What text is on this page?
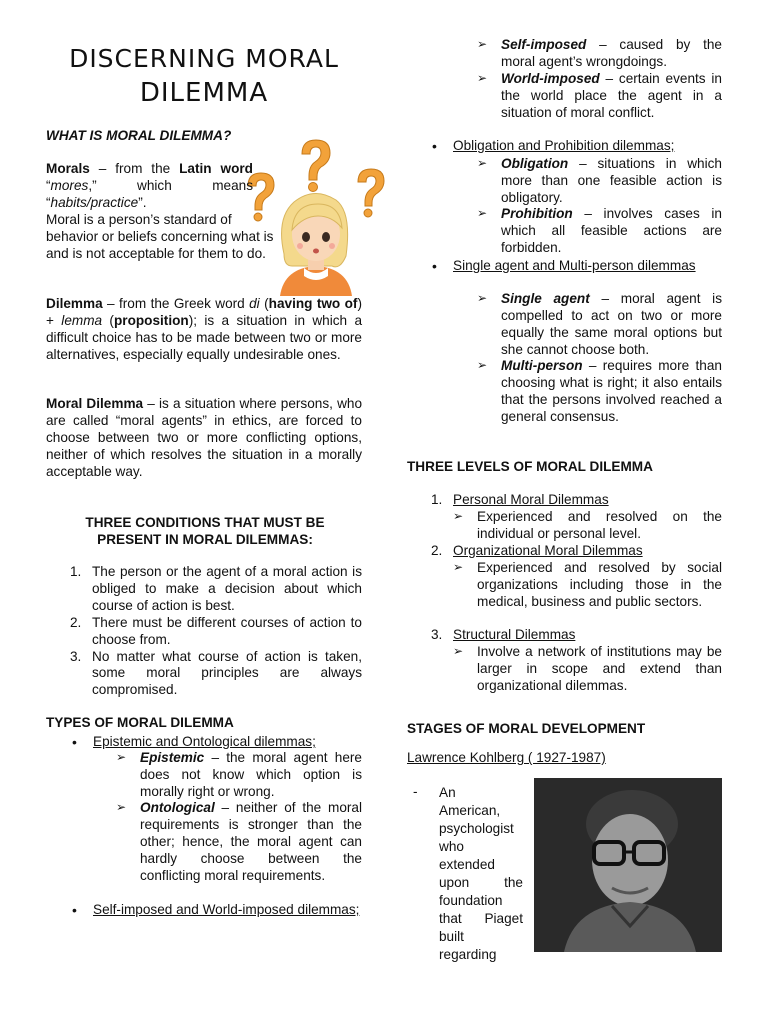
DISCERNING MORAL
DILEMMA
WHAT IS MORAL DILEMMA?

Morals – from the Latin word “mores,” which means “habits/practice”.

Moral is a person’s standard of behavior or beliefs concerning what is and is not acceptable for them to do.

Dilemma – from the Greek word di (having two of) + lemma (proposition); is a situation in which a difficult choice has to be made between two or more alternatives, especially equally undesirable ones.

Moral Dilemma – is a situation where persons, who are called “moral agents” in ethics, are forced to choose between two or more conflicting options, neither of which resolves the situation in a morally acceptable way.

THREE CONDITIONS THAT MUST BE PRESENT IN MORAL DILEMMAS:
1. The person or the agent of a moral action is obliged to make a decision about which course of action is best.

2. There must be different courses of action to choose from.

3. No matter what course of action is taken, some moral principles are always compromised.

TYPES OF MORAL DILEMMA
•	Epistemic and Ontological dilemmas;

➢	Epistemic – the moral agent here does not know which option is morally right or wrong.

➢	Ontological – neither of the moral requirements is stronger than the other; hence, the moral agent can hardly choose between the conflicting moral requirements.

•	Self-imposed and World-imposed dilemmas;

➢	Self-imposed – caused by the moral agent’s wrongdoings.

➢	World-imposed – certain events in the world place the agent in a situation of moral conflict.

•	Obligation and Prohibition dilemmas;

➢	Obligation – situations in which more than one feasible action is obligatory.

➢	Prohibition – involves cases in which all feasible actions are forbidden.

•	Single agent and Multi-person dilemmas

➢	Single agent – moral agent is compelled to act on two or more equally the same moral options but she cannot choose both.

➢	Multi-person – requires more than choosing what is right; it also entails that the persons involved reached a general consensus.

THREE LEVELS OF MORAL DILEMMA
1. Personal Moral Dilemmas

➢	Experienced and resolved on the individual or personal level.

2. Organizational Moral Dilemmas

➢	Experienced and resolved by social organizations including those in the medical, business and public sectors.

3. Structural Dilemmas

➢	Involve a network of institutions may be larger in scope and extend than organizational dilemmas.

STAGES OF MORAL DEVELOPMENT
Lawrence Kohlberg ( 1927-1987)
- An
American,
psychologist
who
extended
upon the
foundation
that Piaget
built
regarding
